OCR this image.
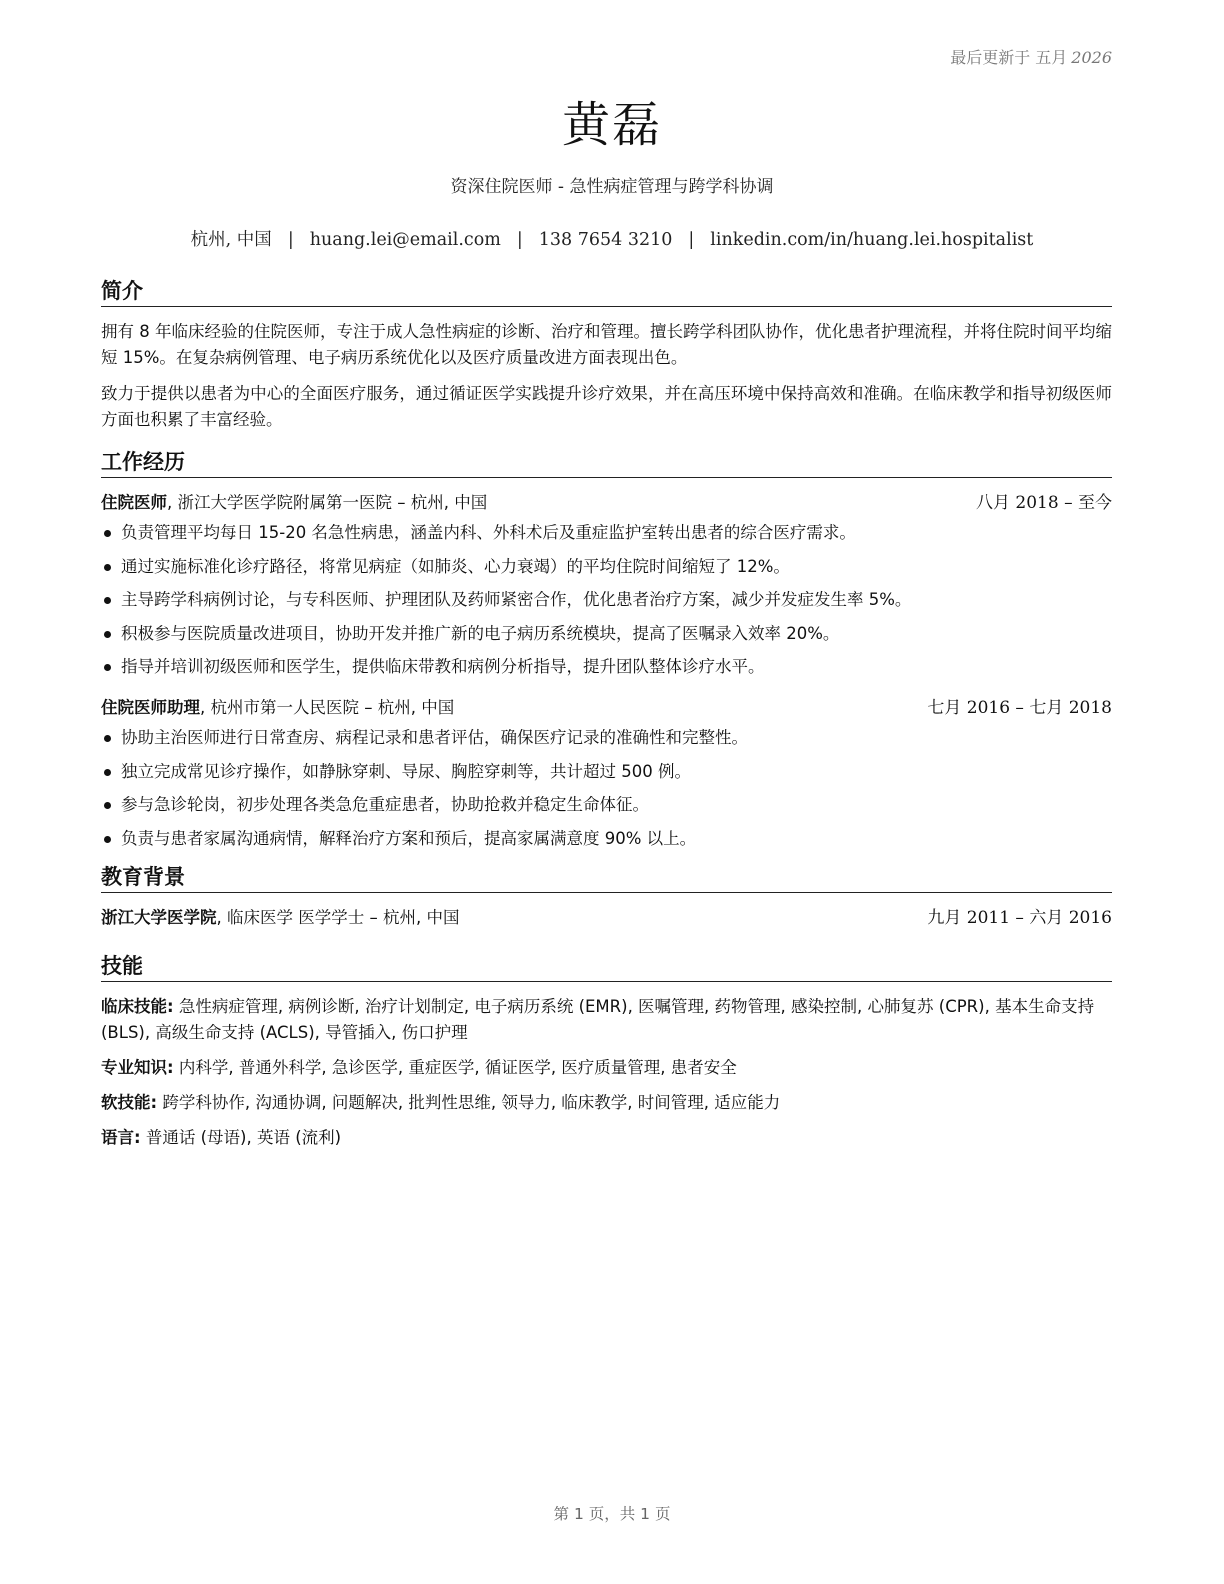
最后更新于 五月 2026
黄磊
资深住院医师 - 急性病症管理与跨学科协调
杭州, 中国 | huang.lei@email.com | 138 7654 3210 | linkedin.com/in/huang.lei.hospitalist
简介

拥有 8 年临床经验的住院医师，专注于成人急性病症的诊断、治疗和管理。擅长跨学科团队协作，优化患者护理流程，并将住院时间平均缩短 15%。在复杂病例管理、电子病历系统优化以及医疗质量改进方面表现出色。

致力于提供以患者为中心的全面医疗服务，通过循证医学实践提升诊疗效果，并在高压环境中保持高效和准确。在临床教学和指导初级医师方面也积累了丰富经验。

工作经历
住院医师, 浙江大学医学院附属第一医院 – 杭州, 中国	八月 2018 – 至今
负责管理平均每日 15-20 名急性病患，涵盖内科、外科术后及重症监护室转出患者的综合医疗需求。
通过实施标准化诊疗路径，将常见病症（如肺炎、心力衰竭）的平均住院时间缩短了 12%。
主导跨学科病例讨论，与专科医师、护理团队及药师紧密合作，优化患者治疗方案，减少并发症发生率 5%。
积极参与医院质量改进项目，协助开发并推广新的电子病历系统模块，提高了医嘱录入效率 20%。
指导并培训初级医师和医学生，提供临床带教和病例分析指导，提升团队整体诊疗水平。
住院医师助理, 杭州市第一人民医院 – 杭州, 中国	七月 2016 – 七月 2018
协助主治医师进行日常查房、病程记录和患者评估，确保医疗记录的准确性和完整性。
独立完成常见诊疗操作，如静脉穿刺、导尿、胸腔穿刺等，共计超过 500 例。
参与急诊轮岗，初步处理各类急危重症患者，协助抢救并稳定生命体征。
负责与患者家属沟通病情，解释治疗方案和预后，提高家属满意度 90% 以上。
教育背景
浙江大学医学院, 临床医学 医学学士 – 杭州, 中国	九月 2011 – 六月 2016
技能
临床技能: 急性病症管理, 病例诊断, 治疗计划制定, 电子病历系统 (EMR), 医嘱管理, 药物管理, 感染控制, 心肺复苏 (CPR), 基本生命支持 (BLS), 高级生命支持 (ACLS), 导管插入, 伤口护理
专业知识: 内科学, 普通外科学, 急诊医学, 重症医学, 循证医学, 医疗质量管理, 患者安全
软技能: 跨学科协作, 沟通协调, 问题解决, 批判性思维, 领导力, 临床教学, 时间管理, 适应能力
语言: 普通话 (母语), 英语 (流利)
第 1 页，共 1 页
